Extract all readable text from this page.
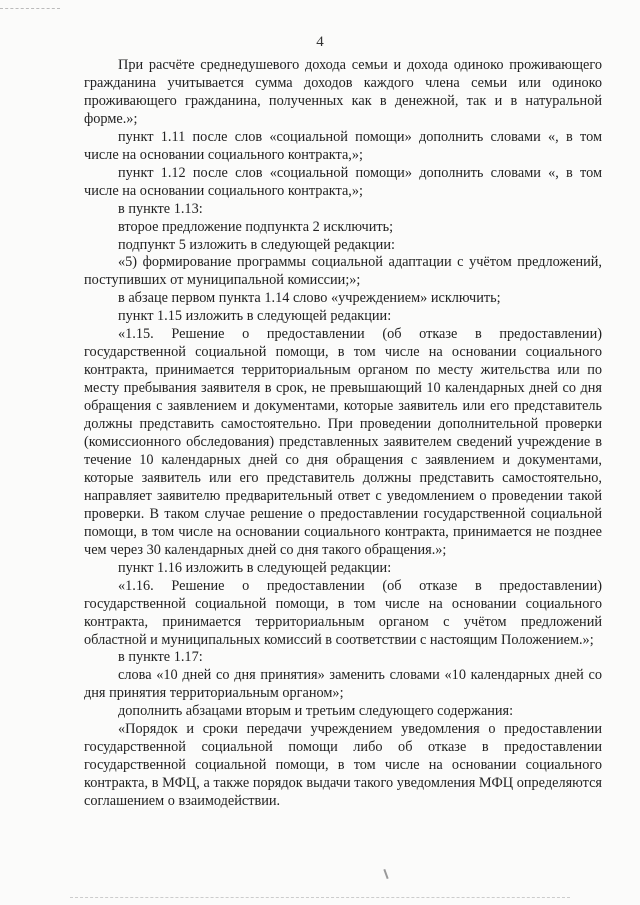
4

При расчёте среднедушевого дохода семьи и дохода одиноко проживающего гражданина учитывается сумма доходов каждого члена семьи или одиноко проживающего гражданина, полученных как в денежной, так и в натуральной форме.»;

пункт 1.11 после слов «социальной помощи» дополнить словами «, в том числе на основании социального контракта,»;

пункт 1.12 после слов «социальной помощи» дополнить словами «, в том числе на основании социального контракта,»;

в пункте 1.13:

второе предложение подпункта 2 исключить;

подпункт 5 изложить в следующей редакции:

«5) формирование программы социальной адаптации с учётом предложений, поступивших от муниципальной комиссии;»;

в абзаце первом пункта 1.14 слово «учреждением» исключить;

пункт 1.15 изложить в следующей редакции:

«1.15. Решение о предоставлении (об отказе в предоставлении) государственной социальной помощи, в том числе на основании социального контракта, принимается территориальным органом по месту жительства или по месту пребывания заявителя в срок, не превышающий 10 календарных дней со дня обращения с заявлением и документами, которые заявитель или его представитель должны представить самостоятельно. При проведении дополнительной проверки (комиссионного обследования) представленных заявителем сведений учреждение в течение 10 календарных дней со дня обращения с заявлением и документами, которые заявитель или его представитель должны представить самостоятельно, направляет заявителю предварительный ответ с уведомлением о проведении такой проверки. В таком случае решение о предоставлении государственной социальной помощи, в том числе на основании социального контракта, принимается не позднее чем через 30 календарных дней со дня такого обращения.»;

пункт 1.16 изложить в следующей редакции:

«1.16. Решение о предоставлении (об отказе в предоставлении) государственной социальной помощи, в том числе на основании социального контракта, принимается территориальным органом с учётом предложений областной и муниципальных комиссий в соответствии с настоящим Положением.»;

в пункте 1.17:

слова «10 дней со дня принятия» заменить словами «10 календарных дней со дня принятия территориальным органом»;

дополнить абзацами вторым и третьим следующего содержания:

«Порядок и сроки передачи учреждением уведомления о предоставлении государственной социальной помощи либо об отказе в предоставлении государственной социальной помощи, в том числе на основании социального контракта, в МФЦ, а также порядок выдачи такого уведомления МФЦ определяются соглашением о взаимодействии.
